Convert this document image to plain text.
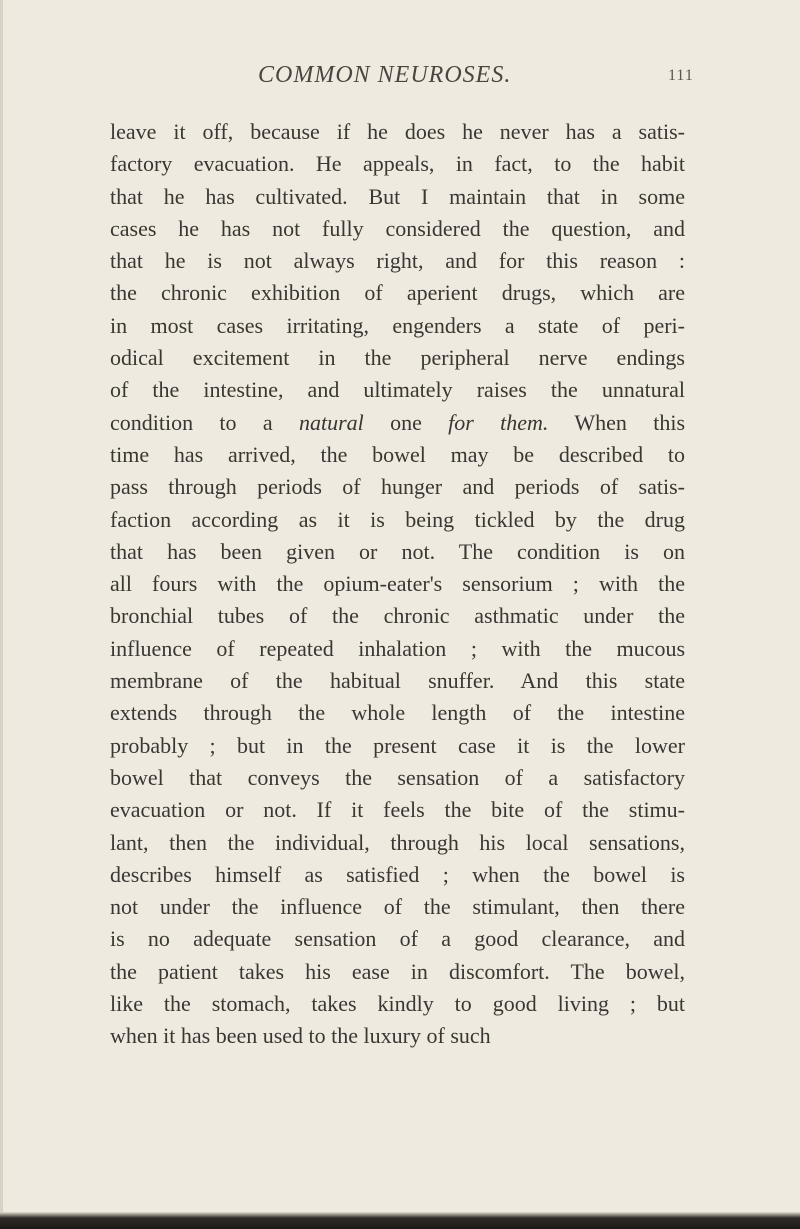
COMMON NEUROSES.	111
leave it off, because if he does he never has a satis-
factory evacuation. He appeals, in fact, to the habit
that he has cultivated. But I maintain that in some
cases he has not fully considered the question, and
that he is not always right, and for this reason :
the chronic exhibition of aperient drugs, which are
in most cases irritating, engenders a state of peri-
odical excitement in the peripheral nerve endings
of the intestine, and ultimately raises the unnatural
condition to a natural one for them. When this
time has arrived, the bowel may be described to
pass through periods of hunger and periods of satis-
faction according as it is being tickled by the drug
that has been given or not. The condition is on
all fours with the opium-eater's sensorium ; with the
bronchial tubes of the chronic asthmatic under the
influence of repeated inhalation ; with the mucous
membrane of the habitual snuffer. And this state
extends through the whole length of the intestine
probably ; but in the present case it is the lower
bowel that conveys the sensation of a satisfactory
evacuation or not. If it feels the bite of the stimu-
lant, then the individual, through his local sensations,
describes himself as satisfied ; when the bowel is
not under the influence of the stimulant, then there
is no adequate sensation of a good clearance, and
the patient takes his ease in discomfort. The bowel,
like the stomach, takes kindly to good living ; but
when it has been used to the luxury of such
